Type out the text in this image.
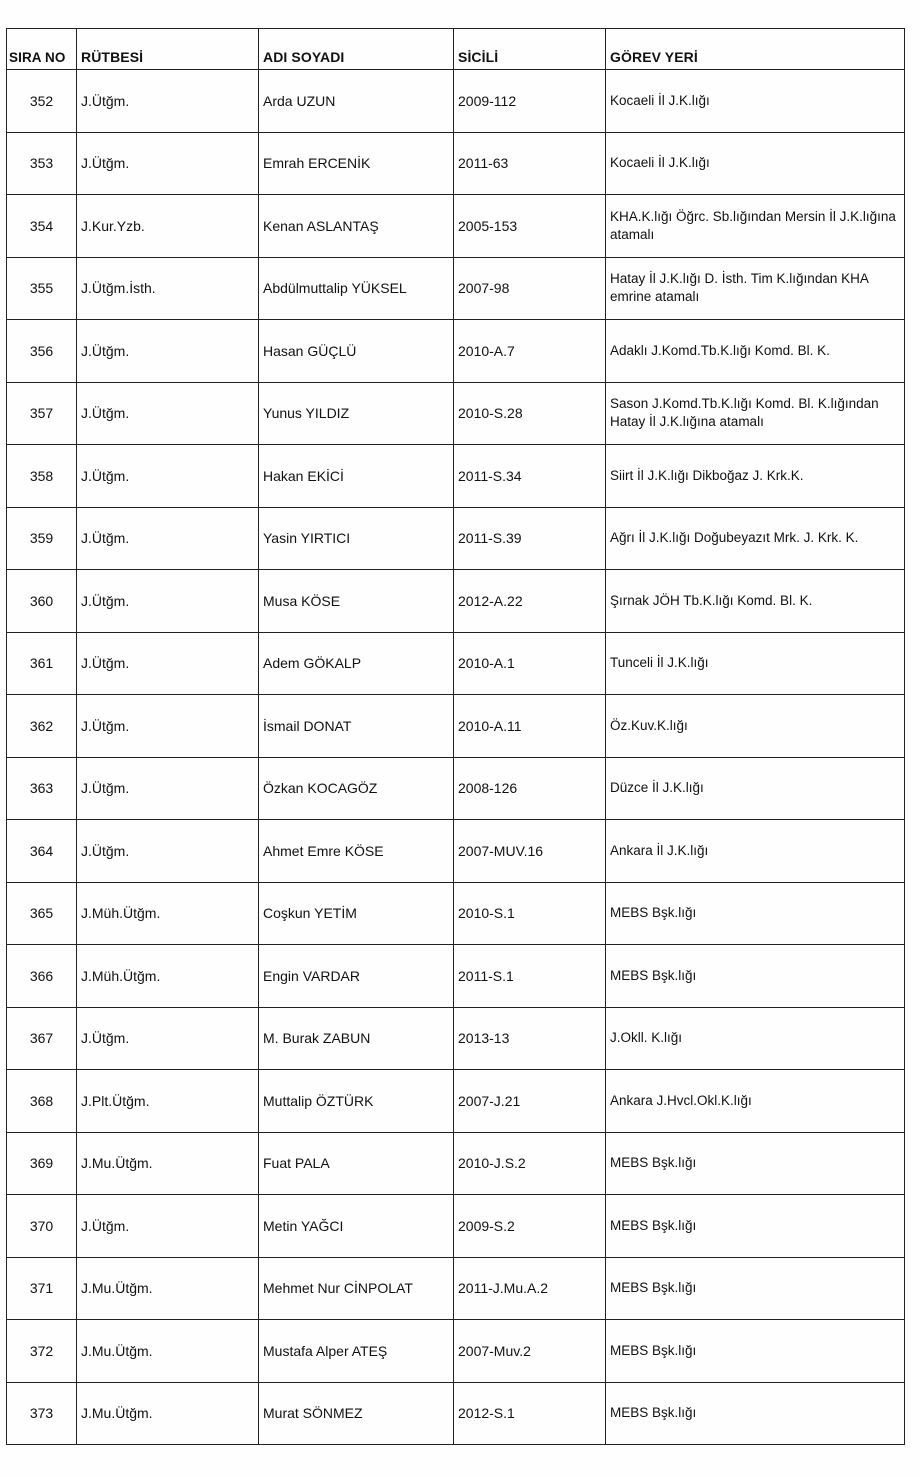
SIRA NO	RÜTBESİ	ADI SOYADI	SİCİLİ	GÖREV YERİ
352	J.Ütğm.	Arda UZUN	2009-112	Kocaeli İl J.K.lığı
353	J.Ütğm.	Emrah ERCENİK	2011-63	Kocaeli İl J.K.lığı
354	J.Kur.Yzb.	Kenan ASLANTAŞ	2005-153	KHA.K.lığı Öğrc. Sb.lığından Mersin İl J.K.lığına atamalı
355	J.Ütğm.İsth.	Abdülmuttalip YÜKSEL	2007-98	Hatay İl J.K.lığı D. İsth. Tim K.lığından KHA emrine atamalı
356	J.Ütğm.	Hasan GÜÇLÜ	2010-A.7	Adaklı J.Komd.Tb.K.lığı Komd. Bl. K.
357	J.Ütğm.	Yunus YILDIZ	2010-S.28	Sason J.Komd.Tb.K.lığı Komd. Bl. K.lığından Hatay İl J.K.lığına atamalı
358	J.Ütğm.	Hakan EKİCİ	2011-S.34	Siirt İl J.K.lığı Dikboğaz J. Krk.K.
359	J.Ütğm.	Yasin YIRTICI	2011-S.39	Ağrı İl J.K.lığı Doğubeyazıt Mrk. J. Krk. K.
360	J.Ütğm.	Musa KÖSE	2012-A.22	Şırnak JÖH Tb.K.lığı Komd. Bl. K.
361	J.Ütğm.	Adem GÖKALP	2010-A.1	Tunceli İl J.K.lığı
362	J.Ütğm.	İsmail DONAT	2010-A.11	Öz.Kuv.K.lığı
363	J.Ütğm.	Özkan KOCAGÖZ	2008-126	Düzce İl J.K.lığı
364	J.Ütğm.	Ahmet Emre KÖSE	2007-MUV.16	Ankara İl J.K.lığı
365	J.Müh.Ütğm.	Coşkun YETİM	2010-S.1	MEBS Bşk.lığı
366	J.Müh.Ütğm.	Engin VARDAR	2011-S.1	MEBS Bşk.lığı
367	J.Ütğm.	M. Burak ZABUN	2013-13	J.Okll. K.lığı
368	J.Plt.Ütğm.	Muttalip ÖZTÜRK	2007-J.21	Ankara J.Hvcl.Okl.K.lığı
369	J.Mu.Ütğm.	Fuat PALA	2010-J.S.2	MEBS Bşk.lığı
370	J.Ütğm.	Metin YAĞCI	2009-S.2	MEBS Bşk.lığı
371	J.Mu.Ütğm.	Mehmet Nur CİNPOLAT	2011-J.Mu.A.2	MEBS Bşk.lığı
372	J.Mu.Ütğm.	Mustafa Alper ATEŞ	2007-Muv.2	MEBS Bşk.lığı
373	J.Mu.Ütğm.	Murat SÖNMEZ	2012-S.1	MEBS Bşk.lığı
